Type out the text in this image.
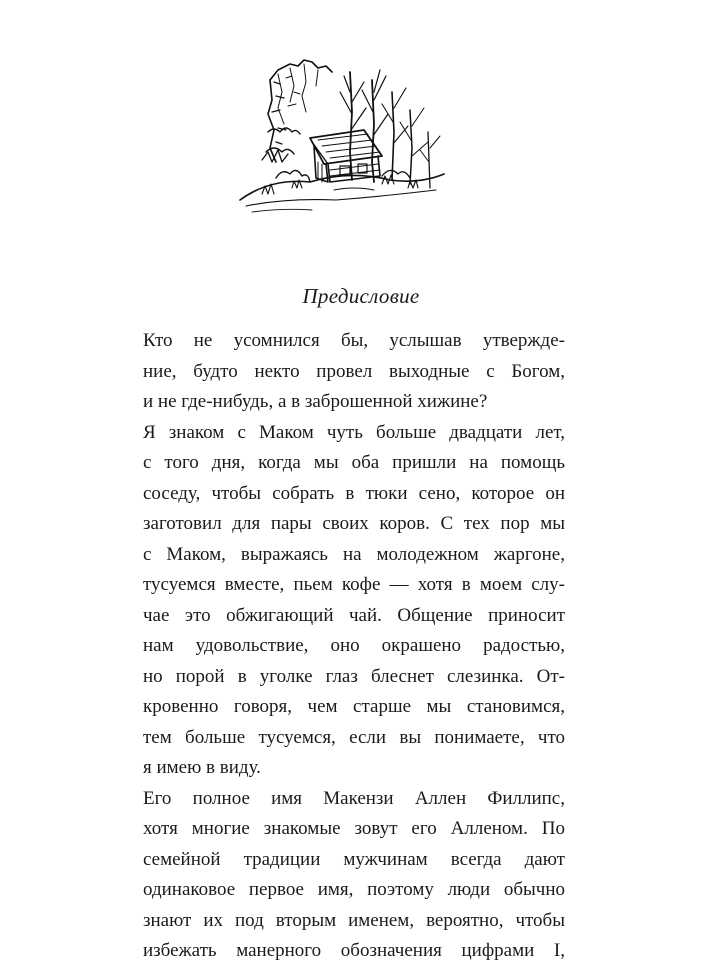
Предисловие
Кто не усомнился бы, услышав утвержде-
ние, будто некто провел выходные с Богом,
и не где-нибудь, а в заброшенной хижине?
Я знаком с Маком чуть больше двадцати лет,
с того дня, когда мы оба пришли на помощь
соседу, чтобы собрать в тюки сено, которое он
заготовил для пары своих коров. С тех пор мы
с Маком, выражаясь на молодежном жаргоне,
тусуемся вместе, пьем кофе — хотя в моем слу-
чае это обжигающий чай. Общение приносит
нам удовольствие, оно окрашено радостью,
но порой в уголке глаз блеснет слезинка. От-
кровенно говоря, чем старше мы становимся,
тем больше тусуемся, если вы понимаете, что
я имею в виду.
Его полное имя Макензи Аллен Филлипс,
хотя многие знакомые зовут его Алленом. По
семейной традиции мужчинам всегда дают
одинаковое первое имя, поэтому люди обычно
знают их под вторым именем, вероятно, чтобы
избежать манерного обозначения цифрами I,
